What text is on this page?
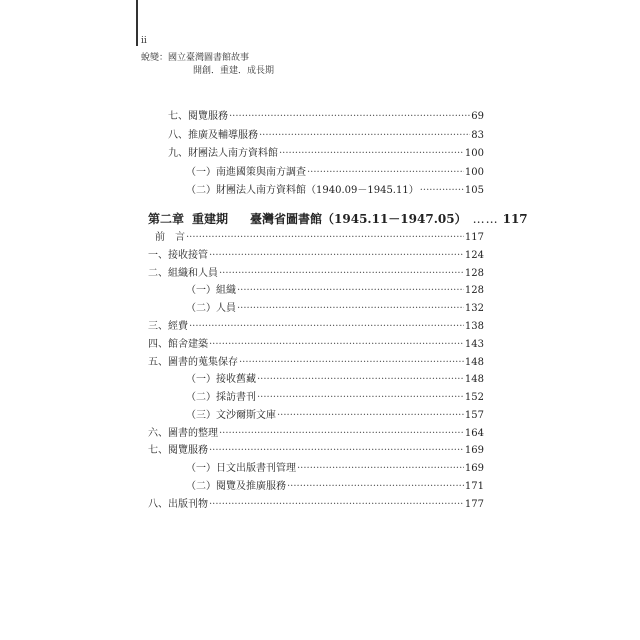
ii
蛻變：國立臺灣圖書館故事
開創．重建．成長期
七、閱覽服務 ·····	69
八、推廣及輔導服務 ·····	83
九、財團法人南方資料館 ·····	100
（一）南進國策與南方調查 ·····	100
（二）財團法人南方資料館（1940.09－1945.11） ·····	105
第二章 重建期 臺灣省圖書館（1945.11－1947.05） …… 117
前　言 ·····	117
一、接收接管 ·····	124
二、組織和人員 ·····	128
（一）組織 ·····	128
（二）人員 ·····	132
三、經費 ·····	138
四、館舍建築 ·····	143
五、圖書的蒐集保存 ·····	148
（一）接收舊藏 ·····	148
（二）採訪書刊 ·····	152
（三）文沙爾斯文庫 ·····	157
六、圖書的整理 ·····	164
七、閱覽服務 ·····	169
（一）日文出版書刊管理 ·····	169
（二）閱覽及推廣服務 ·····	171
八、出版刊物 ·····	177
